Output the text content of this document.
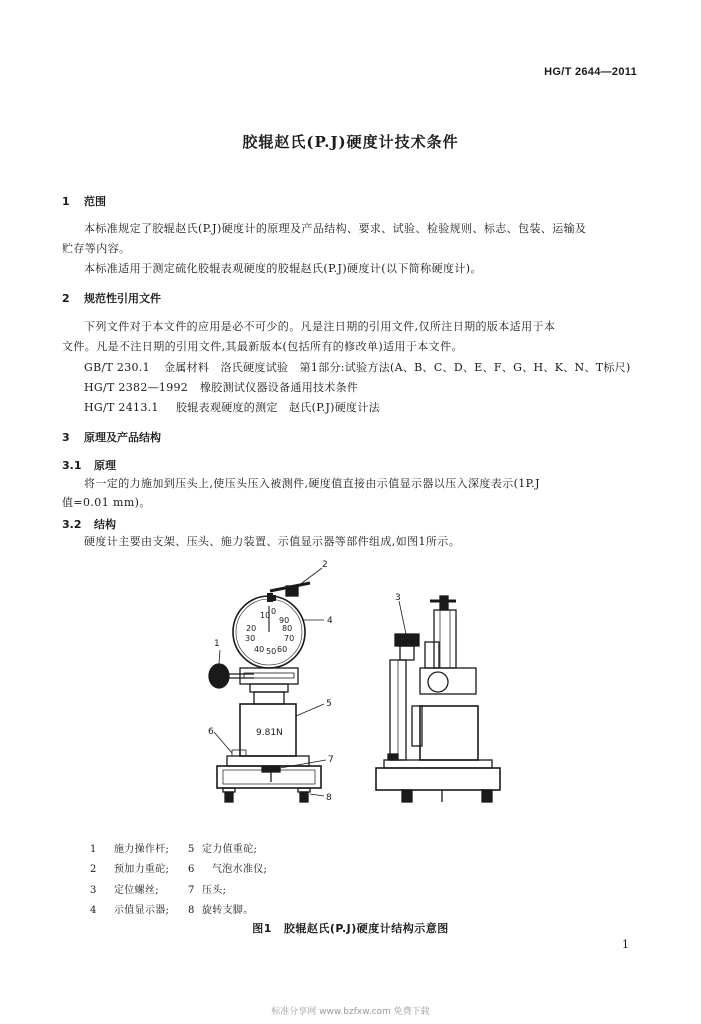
HG/T 2644—2011
胶辊赵氏(P.J)硬度计技术条件
1 范围
本标准规定了胶辊赵氏(P.J)硬度计的原理及产品结构、要求、试验、检验规则、标志、包装、运输及
贮存等内容。
本标准适用于测定硫化胶辊表观硬度的胶辊赵氏(P.J)硬度计(以下简称硬度计)。
2 规范性引用文件
下列文件对于本文件的应用是必不可少的。凡是注日期的引用文件,仅所注日期的版本适用于本
文件。凡是不注日期的引用文件,其最新版本(包括所有的修改单)适用于本文件。
GB/T 230.1 金属材料　洛氏硬度试验　第1部分:试验方法(A、B、C、D、E、F、G、H、K、N、T标尺)
HG/T 2382—1992 橡胶测试仪器设备通用技术条件
HG/T 2413.1 胶辊表观硬度的测定　赵氏(P.J)硬度计法
3 原理及产品结构
3.1 原理
将一定的力施加到压头上,使压头压入被测件,硬度值直接由示值显示器以压入深度表示(1P.J
值=0.01 mm)。
3.2 结构
硬度计主要由支架、压头、施力装置、示值显示器等部件组成,如图1所示。
10 0
90
20	80
30	70
40 50 60
9.81N
1
2
3
4
5
6
7
8
1 施力操作杆; 5 定力值重砣;
2 预加力重砣; 6 气泡水准仪;
3 定位螺丝;	7 压头;
4 示值显示器; 8 旋转支脚。
图1 胶辊赵氏(P.J)硬度计结构示意图
1
标准分享网 www.bzfxw.com 免费下载
